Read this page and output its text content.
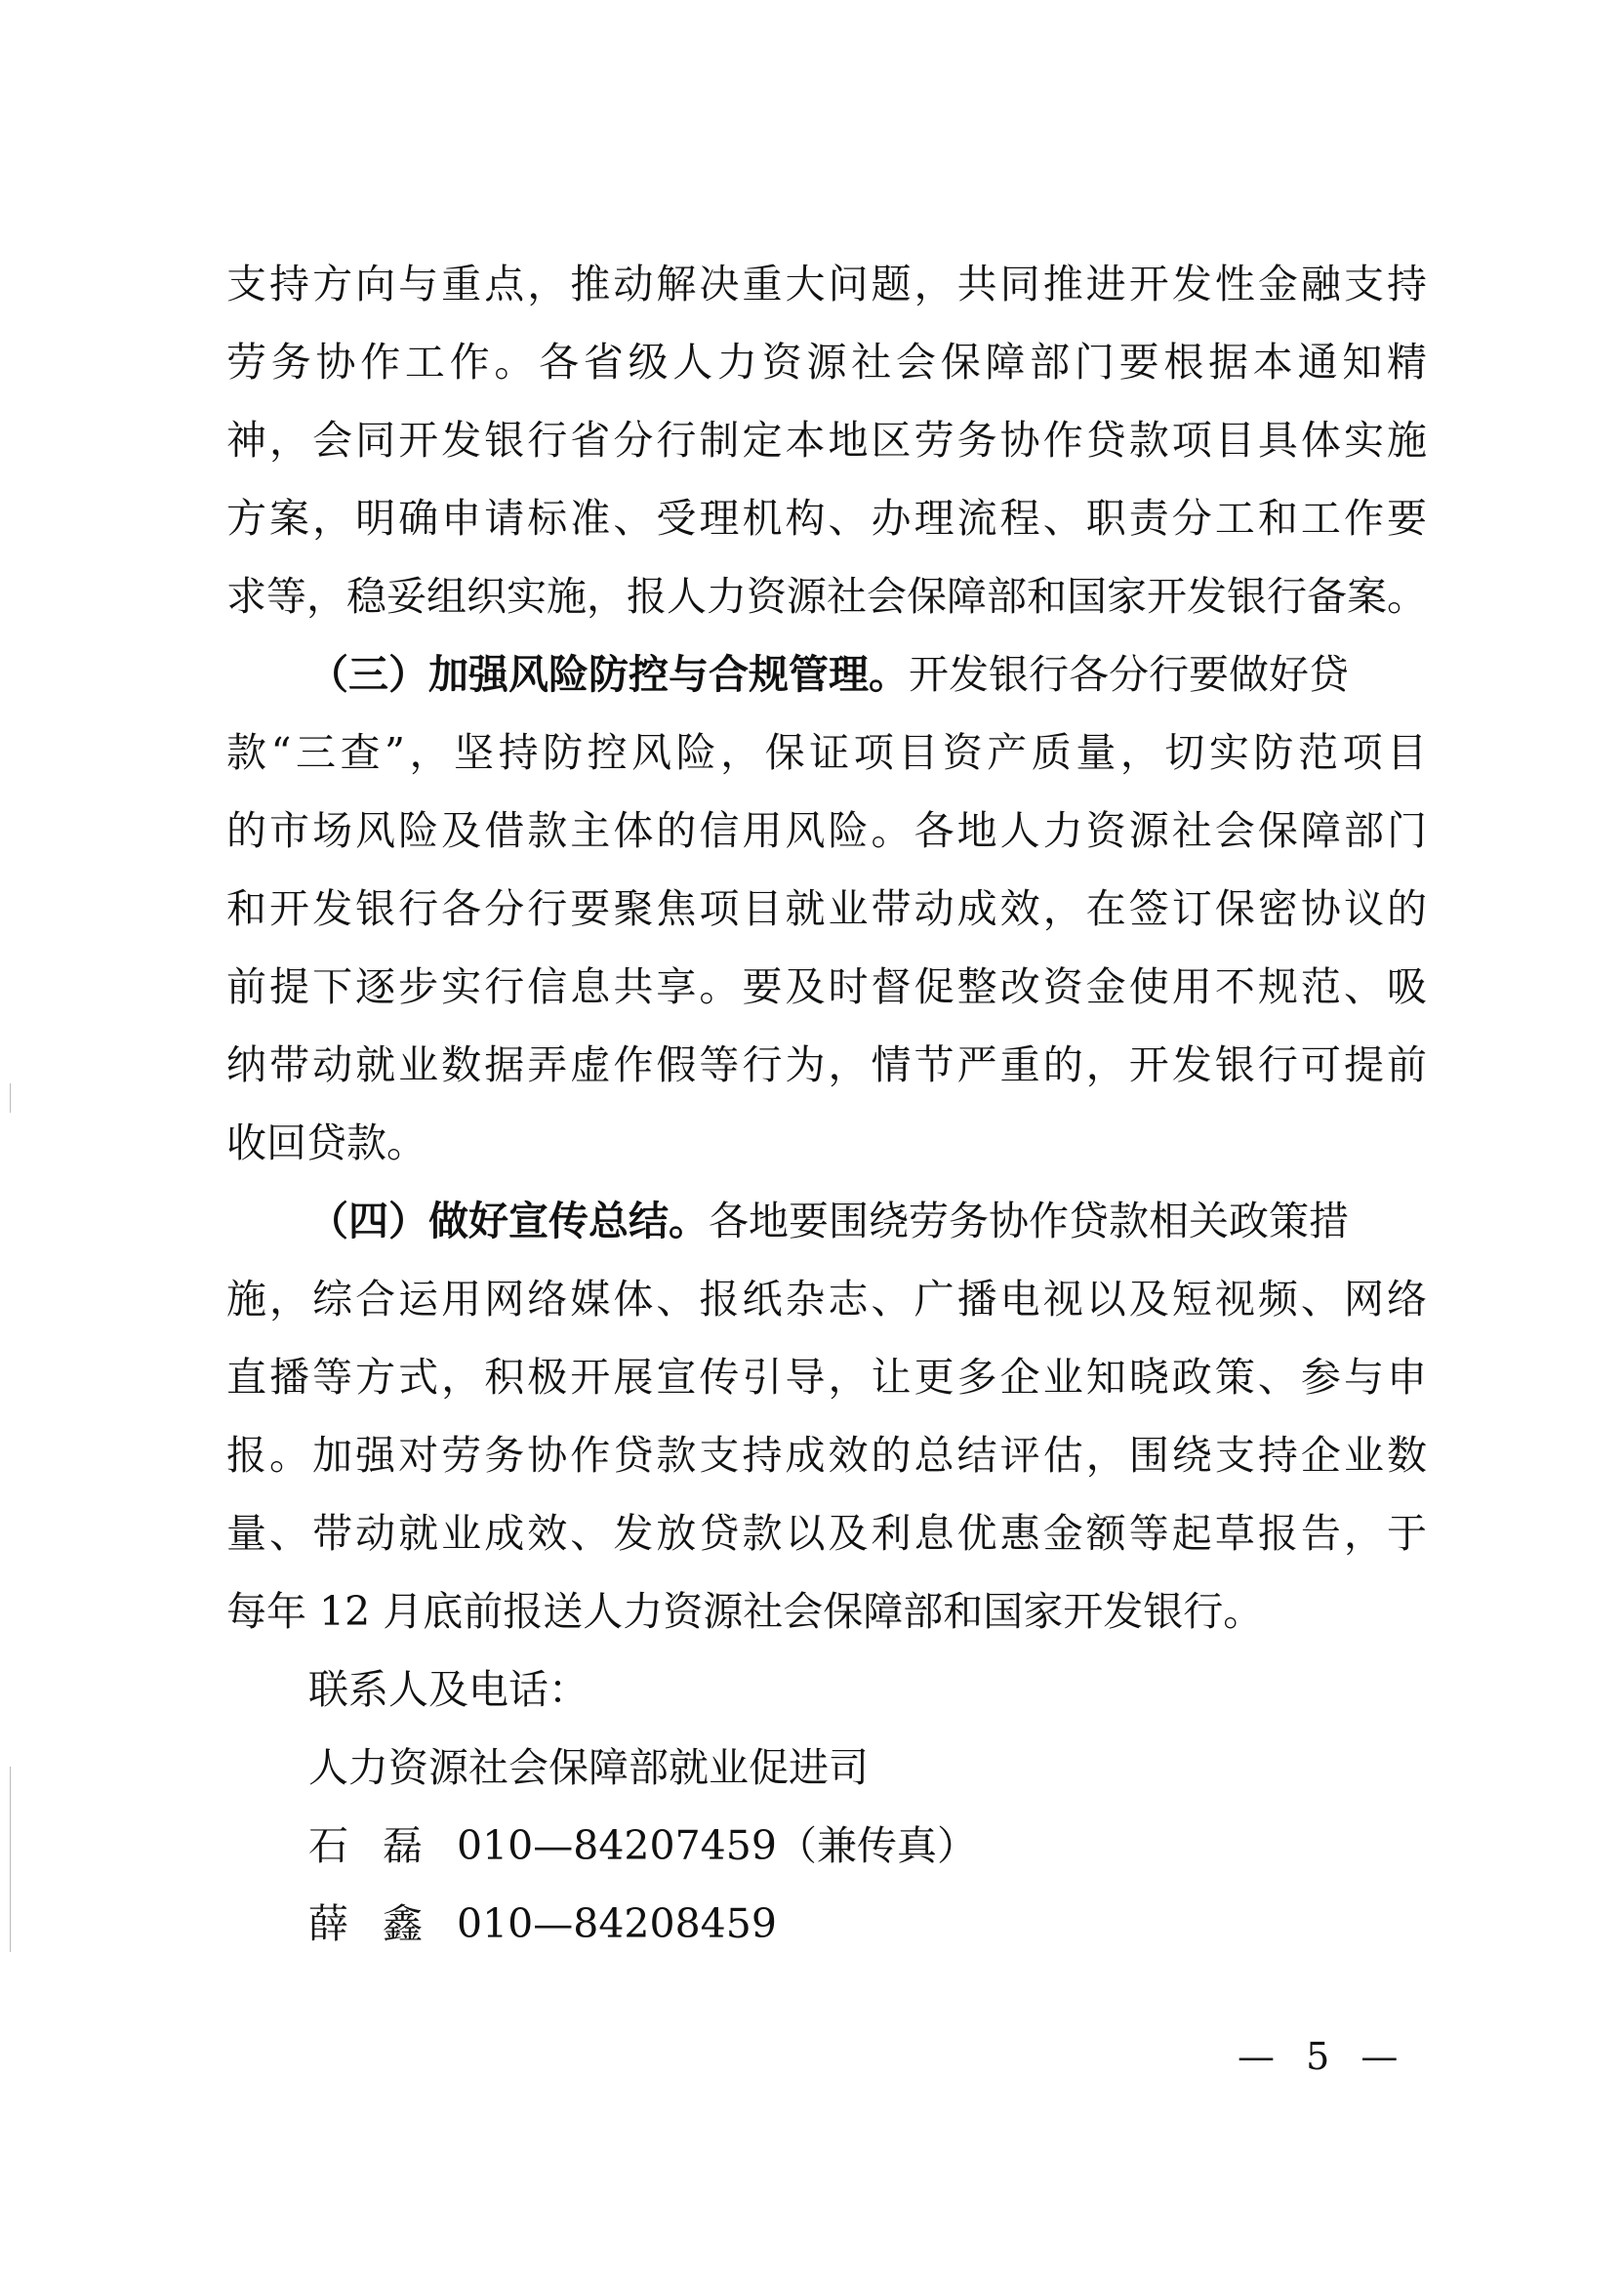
支持方向与重点，推动解决重大问题，共同推进开发性金融支持

劳务协作工作。各省级人力资源社会保障部门要根据本通知精

神，会同开发银行省分行制定本地区劳务协作贷款项目具体实施

方案，明确申请标准、受理机构、办理流程、职责分工和工作要

求等，稳妥组织实施，报人力资源社会保障部和国家开发银行备案。

（三）加强风险防控与合规管理。开发银行各分行要做好贷

款“三查”，坚持防控风险，保证项目资产质量，切实防范项目

的市场风险及借款主体的信用风险。各地人力资源社会保障部门

和开发银行各分行要聚焦项目就业带动成效，在签订保密协议的

前提下逐步实行信息共享。要及时督促整改资金使用不规范、吸

纳带动就业数据弄虚作假等行为，情节严重的，开发银行可提前

收回贷款。

（四）做好宣传总结。各地要围绕劳务协作贷款相关政策措

施，综合运用网络媒体、报纸杂志、广播电视以及短视频、网络

直播等方式，积极开展宣传引导，让更多企业知晓政策、参与申

报。加强对劳务协作贷款支持成效的总结评估，围绕支持企业数

量、带动就业成效、发放贷款以及利息优惠金额等起草报告，于

每年 12 月底前报送人力资源社会保障部和国家开发银行。

联系人及电话：

人力资源社会保障部就业促进司

石 磊 010—84207459（兼传真）

薛 鑫 010—84208459

— 5 —
